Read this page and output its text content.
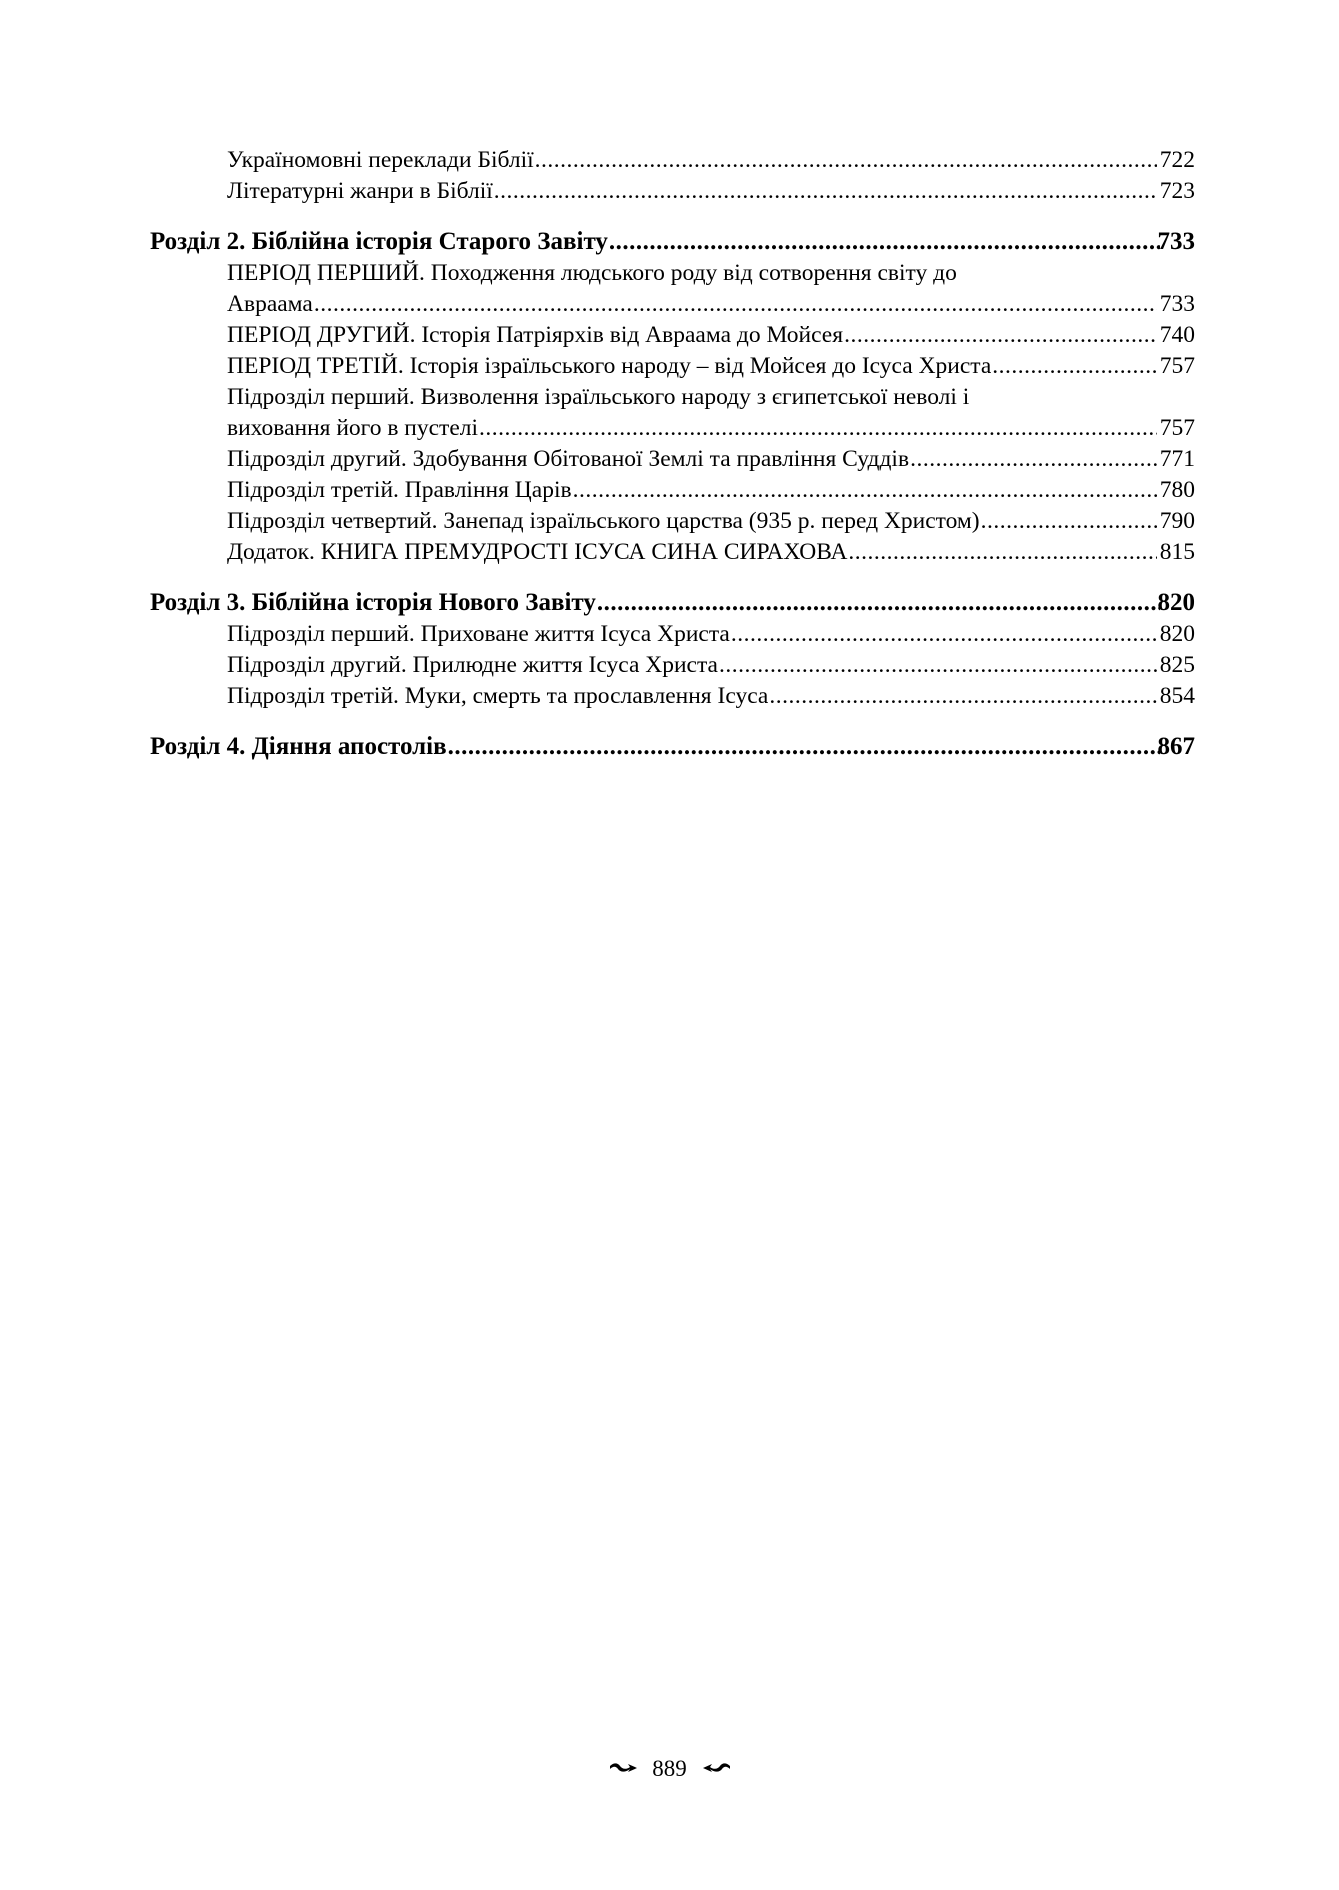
Україномовні переклади Біблії .....	722
Літературні жанри в Біблії .....	723
Розділ 2. Біблійна історія Старого Завіту .....	733
ПЕРІОД ПЕРШИЙ. Походження людського роду від сотворення світу до
Авраама .....	733
ПЕРІОД ДРУГИЙ. Історія Патріярхів від Авраама до Мойсея .....	740
ПЕРІОД ТРЕТІЙ. Історія ізраїльського народу – від Мойсея до Ісуса Христа .....	757
Підрозділ перший. Визволення ізраїльського народу з єгипетської неволі і
виховання його в пустелі .....	757
Підрозділ другий. Здобування Обітованої Землі та правління Суддів .....	771
Підрозділ третій. Правління Царів .....	780
Підрозділ четвертий. Занепад ізраїльського царства (935 р. перед Христом) .....	790
Додаток. КНИГА ПРЕМУДРОСТІ ІСУСА СИНА СИРАХОВА .....	815
Розділ 3. Біблійна історія Нового Завіту .....	820
Підрозділ перший. Приховане життя Ісуса Христа .....	820
Підрозділ другий. Прилюдне життя Ісуса Христа .....	825
Підрозділ третій. Муки, смерть та прославлення Ісуса .....	854
Розділ 4. Діяння апостолів .....	867
889
